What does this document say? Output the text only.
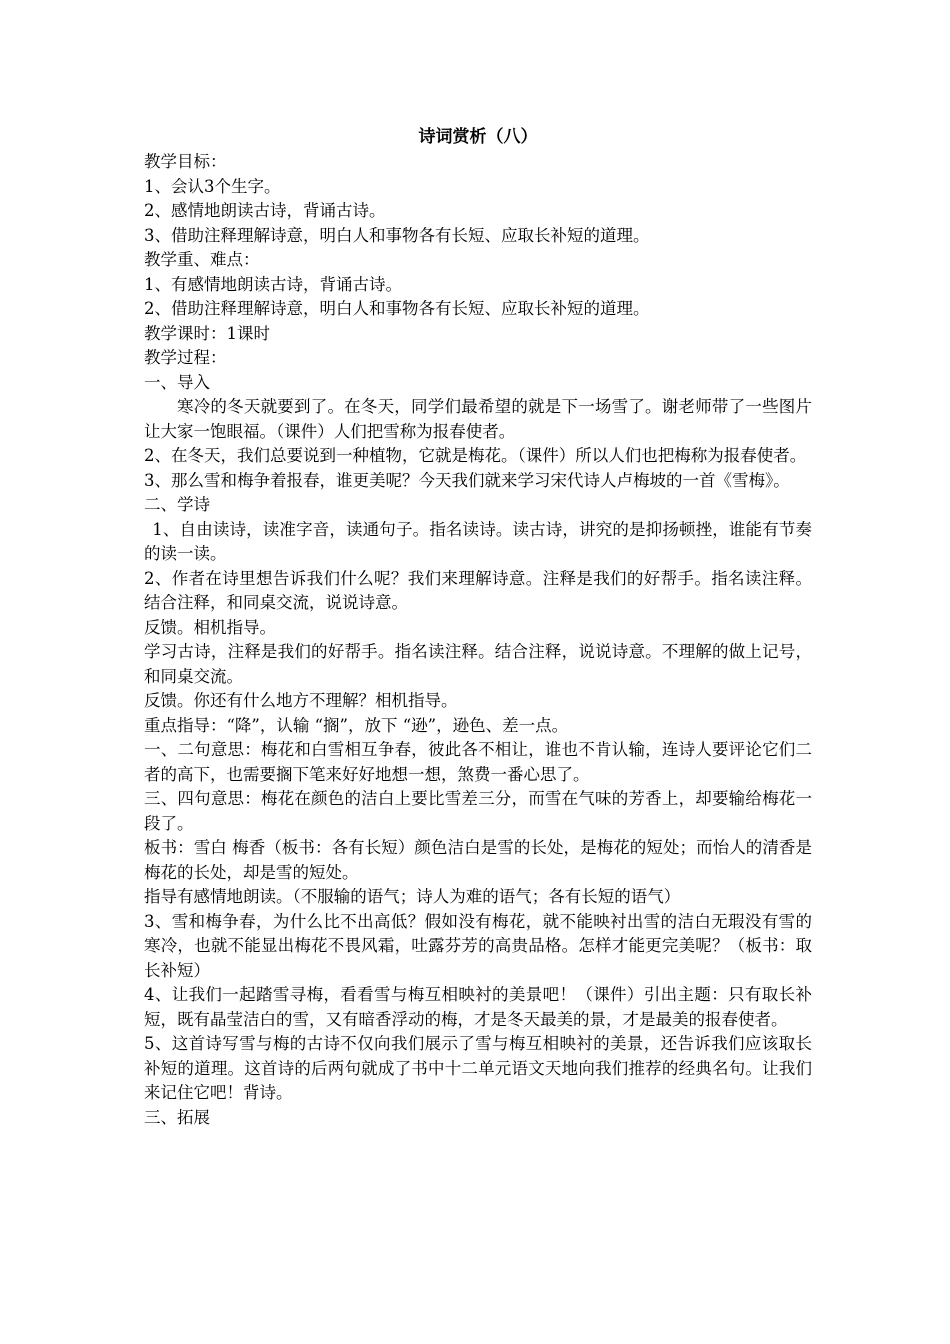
诗词赏析（八）

教学目标：

1、会认3个生字。

2、感情地朗读古诗，背诵古诗。

3、借助注释理解诗意，明白人和事物各有长短、应取长补短的道理。

教学重、难点：

1、有感情地朗读古诗，背诵古诗。

2、借助注释理解诗意，明白人和事物各有长短、应取长补短的道理。

教学课时：1课时

教学过程：

一、导入

寒冷的冬天就要到了。在冬天，同学们最希望的就是下一场雪了。谢老师带了一些图片让大家一饱眼福。（课件）人们把雪称为报春使者。

2、在冬天，我们总要说到一种植物，它就是梅花。（课件）所以人们也把梅称为报春使者。

3、那么雪和梅争着报春，谁更美呢？今天我们就来学习宋代诗人卢梅坡的一首《雪梅》。

二、学诗

1、自由读诗，读准字音，读通句子。指名读诗。读古诗，讲究的是抑扬顿挫，谁能有节奏的读一读。

2、作者在诗里想告诉我们什么呢？我们来理解诗意。注释是我们的好帮手。指名读注释。结合注释，和同桌交流，说说诗意。

反馈。相机指导。

学习古诗，注释是我们的好帮手。指名读注释。结合注释，说说诗意。不理解的做上记号，和同桌交流。

反馈。你还有什么地方不理解？相机指导。

重点指导：“降”，认输 “搁”，放下 “逊”，逊色、差一点。

一、二句意思：梅花和白雪相互争春，彼此各不相让，谁也不肯认输，连诗人要评论它们二者的高下，也需要搁下笔来好好地想一想，煞费一番心思了。

三、四句意思：梅花在颜色的洁白上要比雪差三分，而雪在气味的芳香上，却要输给梅花一段了。

板书：雪白 梅香（板书：各有长短）颜色洁白是雪的长处，是梅花的短处；而怡人的清香是梅花的长处，却是雪的短处。

指导有感情地朗读。（不服输的语气；诗人为难的语气；各有长短的语气）

3、雪和梅争春，为什么比不出高低？假如没有梅花，就不能映衬出雪的洁白无瑕没有雪的寒冷，也就不能显出梅花不畏风霜，吐露芬芳的高贵品格。怎样才能更完美呢？（板书：取长补短）

4、让我们一起踏雪寻梅，看看雪与梅互相映衬的美景吧！（课件）引出主题：只有取长补短，既有晶莹洁白的雪，又有暗香浮动的梅，才是冬天最美的景，才是最美的报春使者。

5、这首诗写雪与梅的古诗不仅向我们展示了雪与梅互相映衬的美景，还告诉我们应该取长补短的道理。这首诗的后两句就成了书中十二单元语文天地向我们推荐的经典名句。让我们来记住它吧！背诗。

三、拓展
